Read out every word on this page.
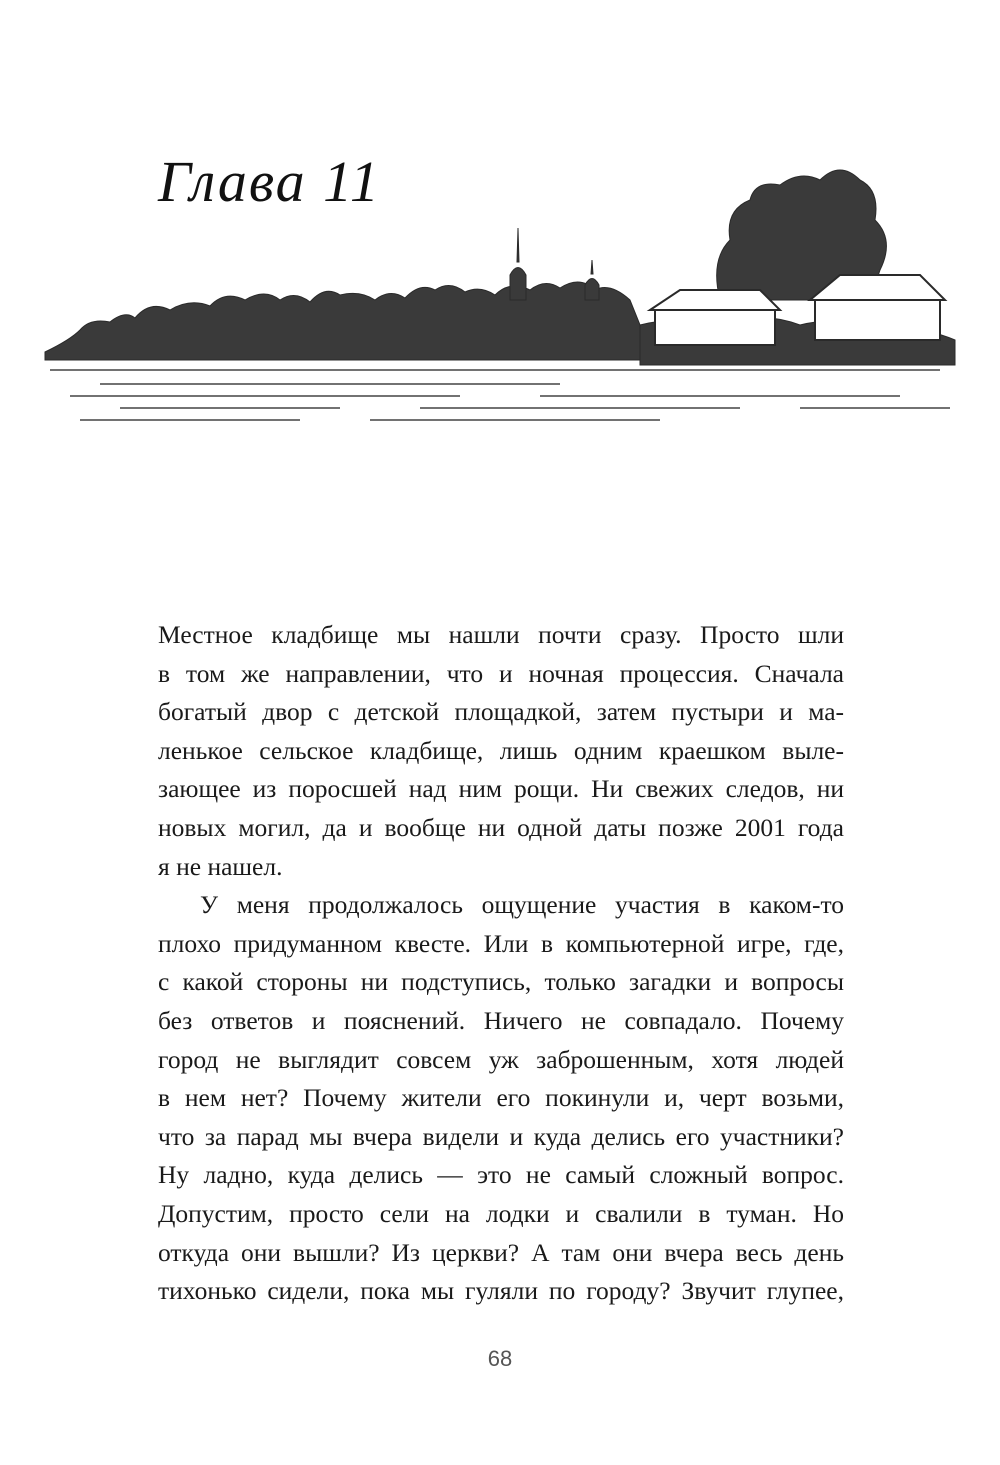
Глава 11
Местное кладбище мы нашли почти сразу. Просто шли
в том же направлении, что и ночная процессия. Сначала
богатый двор с детской площадкой, затем пустыри и ма-
ленькое сельское кладбище, лишь одним краешком выле-
зающее из поросшей над ним рощи. Ни свежих следов, ни
новых могил, да и вообще ни одной даты позже 2001 года
я не нашел.
У меня продолжалось ощущение участия в каком-то
плохо придуманном квесте. Или в компьютерной игре, где,
с какой стороны ни подступись, только загадки и вопросы
без ответов и пояснений. Ничего не совпадало. Почему
город не выглядит совсем уж заброшенным, хотя людей
в нем нет? Почему жители его покинули и, черт возьми,
что за парад мы вчера видели и куда делись его участники?
Ну ладно, куда делись — это не самый сложный вопрос.
Допустим, просто сели на лодки и свалили в туман. Но
откуда они вышли? Из церкви? А там они вчера весь день
тихонько сидели, пока мы гуляли по городу? Звучит глупее,
68
